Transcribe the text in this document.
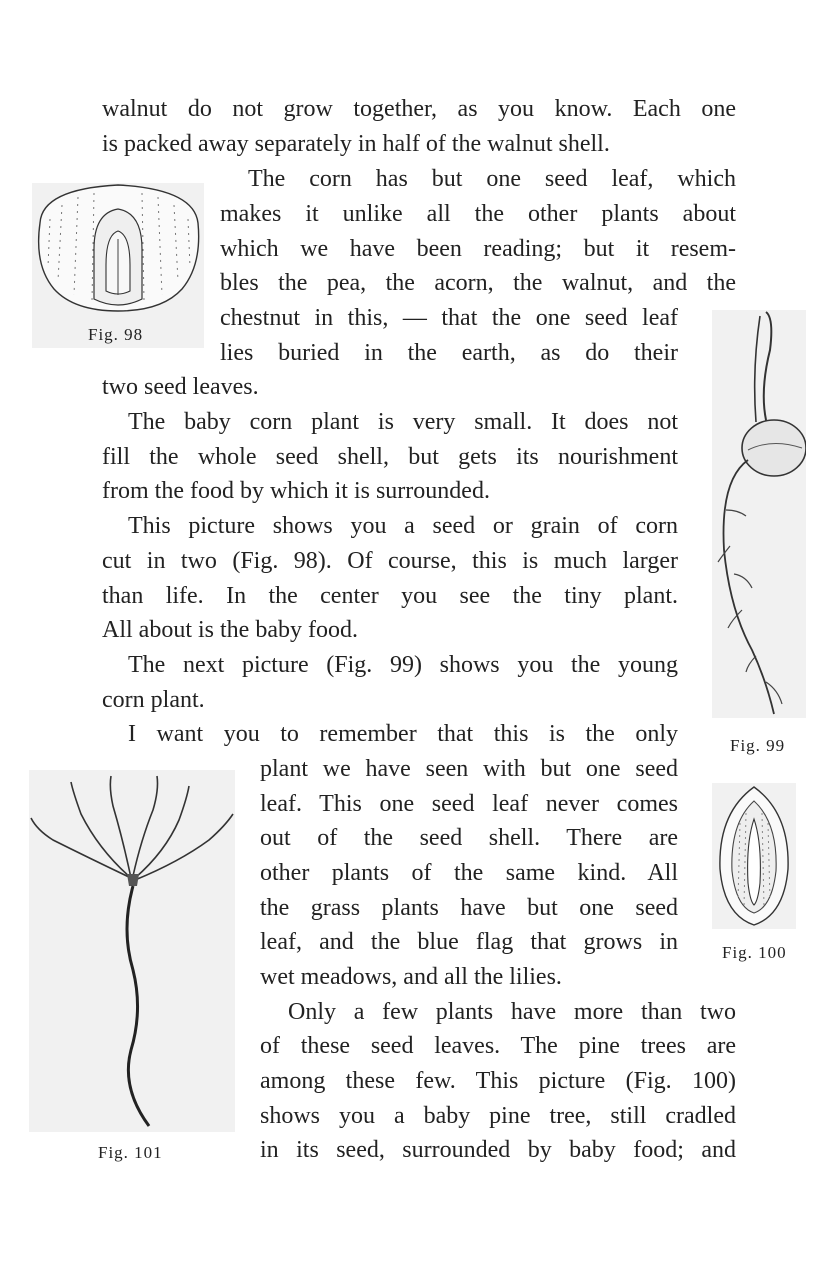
walnut do not grow together, as you know. Each one
is packed away separately in half of the walnut shell.
The corn has but one seed leaf, which
makes it unlike all the other plants about
which we have been reading; but it resem-
bles the pea, the acorn, the walnut, and the
chestnut in this, — that the one seed leaf
lies buried in the earth, as do their
two seed leaves.
The baby corn plant is very small. It does not
fill the whole seed shell, but gets its nourishment
from the food by which it is surrounded.
This picture shows you a seed or grain of corn
cut in two (Fig. 98). Of course, this is much larger
than life. In the center you see the tiny plant.
All about is the baby food.
The next picture (Fig. 99) shows you the young
corn plant.
I want you to remember that this is the only
plant we have seen with but one seed
leaf. This one seed leaf never comes
out of the seed shell. There are
other plants of the same kind. All
the grass plants have but one seed
leaf, and the blue flag that grows in
wet meadows, and all the lilies.
Only a few plants have more than two
of these seed leaves. The pine trees are
among these few. This picture (Fig. 100)
shows you a baby pine tree, still cradled
in its seed, surrounded by baby food; and
Fig. 98
Fig. 99
Fig. 100
Fig. 101
